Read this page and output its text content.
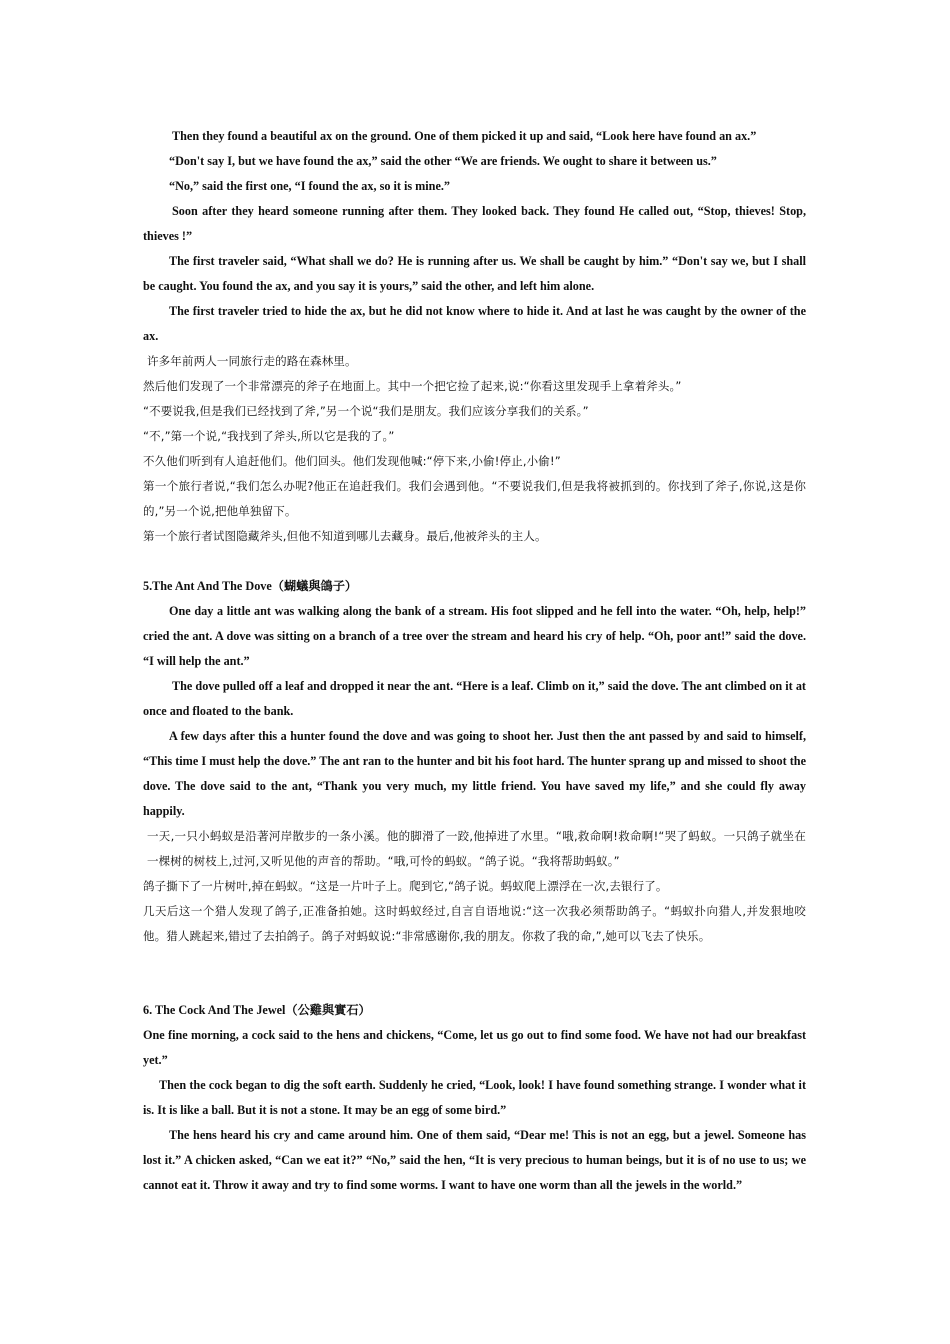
Then they found a beautiful ax on the ground. One of them picked it up and said, “Look here have found an ax.”

“Don't say I, but we have found the ax,” said the other “We are friends. We ought to share it between us.”

“No,” said the first one, “I found the ax, so it is mine.”

Soon after they heard someone running after them. They looked back. They found He called out, “Stop, thieves! Stop, thieves !”

The first traveler said, “What shall we do? He is running after us. We shall be caught by him.” “Don't say we, but I shall be caught. You found the ax, and you say it is yours,” said the other, and left him alone.

The first traveler tried to hide the ax, but he did not know where to hide it. And at last he was caught by the owner of the ax.

许多年前两人一同旅行走的路在森林里。

然后他们发现了一个非常漂亮的斧子在地面上。其中一个把它捡了起来,说:“你看这里发现手上拿着斧头。”

“不要说我,但是我们已经找到了斧,”另一个说“我们是朋友。我们应该分享我们的关系。”

“不,”第一个说,“我找到了斧头,所以它是我的了。”

不久他们听到有人追赶他们。他们回头。他们发现他喊:“停下来,小偷!停止,小偷!”

第一个旅行者说,“我们怎么办呢?他正在追赶我们。我们会遇到他。“不要说我们,但是我将被抓到的。你找到了斧子,你说,这是你的,”另一个说,把他单独留下。

第一个旅行者试图隐藏斧头,但他不知道到哪儿去藏身。最后,他被斧头的主人。

5.The Ant And The Dove（蝴蟻與鴿子）

One day a little ant was walking along the bank of a stream. His foot slipped and he fell into the water. “Oh, help, help!” cried the ant. A dove was sitting on a branch of a tree over the stream and heard his cry of help. “Oh, poor ant!” said the dove. “I will help the ant.”

The dove pulled off a leaf and dropped it near the ant. “Here is a leaf. Climb on it,” said the dove. The ant climbed on it at once and floated to the bank.

A few days after this a hunter found the dove and was going to shoot her. Just then the ant passed by and said to himself, “This time I must help the dove.” The ant ran to the hunter and bit his foot hard. The hunter sprang up and missed to shoot the dove. The dove said to the ant, “Thank you very much, my little friend. You have saved my life,” and she could fly away happily.

一天,一只小蚂蚁是沿著河岸散步的一条小溪。他的脚滑了一跤,他掉进了水里。“哦,救命啊!救命啊!“哭了蚂蚁。一只鸽子就坐在一棵树的树枝上,过河,又听见他的声音的帮助。“哦,可怜的蚂蚁。“鸽子说。“我将帮助蚂蚁。”

鸽子撕下了一片树叶,掉在蚂蚁。“这是一片叶子上。爬到它,“鸽子说。蚂蚁爬上漂浮在一次,去银行了。

几天后这一个猎人发现了鸽子,正准备拍她。这时蚂蚁经过,自言自语地说:“这一次我必须帮助鸽子。“蚂蚁扑向猎人,并发狠地咬他。猎人跳起来,错过了去拍鸽子。鸽子对蚂蚁说:“非常感谢你,我的朋友。你救了我的命,”,她可以飞去了快乐。

6. The Cock And The Jewel（公雞與實石）

One fine morning, a cock said to the hens and chickens, “Come, let us go out to find some food. We have not had our breakfast yet.”

Then the cock began to dig the soft earth. Suddenly he cried, “Look, look! I have found something strange. I wonder what it is. It is like a ball. But it is not a stone. It may be an egg of some bird.”

The hens heard his cry and came around him. One of them said, “Dear me! This is not an egg, but a jewel. Someone has lost it.” A chicken asked, “Can we eat it?” “No,” said the hen, “It is very precious to human beings, but it is of no use to us; we cannot eat it. Throw it away and try to find some worms. I want to have one worm than all the jewels in the world.”
